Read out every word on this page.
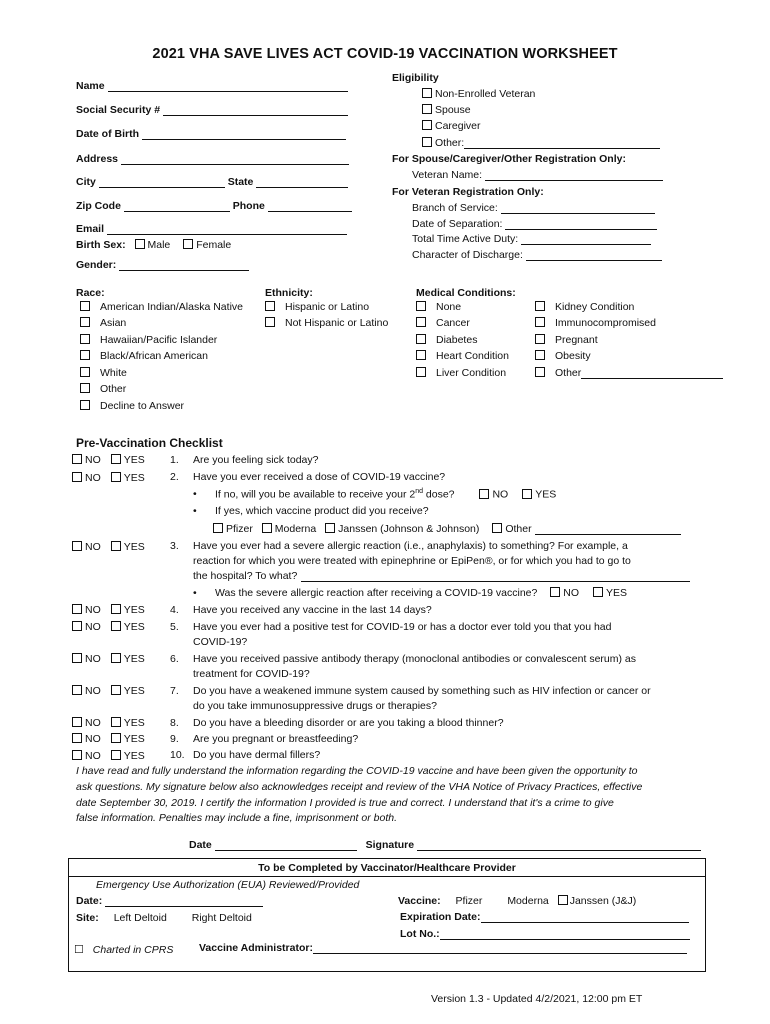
2021 VHA SAVE LIVES ACT COVID-19 VACCINATION WORKSHEET
Name
Social Security #
Date of Birth
Address
City	State
Zip Code	Phone
Email
Birth Sex: Male Female
Gender:
Eligibility
Non-Enrolled Veteran
Spouse
Caregiver
Other:
For Spouse/Caregiver/Other Registration Only:
Veteran Name:
For Veteran Registration Only:
Branch of Service:
Date of Separation:
Total Time Active Duty:
Character of Discharge:
Race:
American Indian/Alaska Native
Asian
Hawaiian/Pacific Islander
Black/African American
White
Other
Decline to Answer
Ethnicity:
Hispanic or Latino
Not Hispanic or Latino
Medical Conditions:
None
Cancer
Diabetes
Heart Condition
Liver Condition
Kidney Condition
Immunocompromised
Pregnant
Obesity
Other
Pre-Vaccination Checklist
NO YES 1. Are you feeling sick today?
NO YES 2. Have you ever received a dose of COVID-19 vaccine?
• If no, will you be available to receive your 2nd dose?	NO	YES
• If yes, which vaccine product did you receive?
Pfizer Moderna Janssen (Johnson & Johnson) Other
NO YES 3. Have you ever had a severe allergic reaction (i.e., anaphylaxis) to something? For example, a
reaction for which you were treated with epinephrine or EpiPen®, or for which you had to go to
the hospital? To what?
• Was the severe allergic reaction after receiving a COVID-19 vaccine? NO	YES
NO YES 4. Have you received any vaccine in the last 14 days?
NO YES 5. Have you ever had a positive test for COVID-19 or has a doctor ever told you that you had
COVID-19?
NO YES 6. Have you received passive antibody therapy (monoclonal antibodies or convalescent serum) as
treatment for COVID-19?
NO YES 7. Do you have a weakened immune system caused by something such as HIV infection or cancer or
do you take immunosuppressive drugs or therapies?
NO YES 8. Do you have a bleeding disorder or are you taking a blood thinner?
NO YES 9. Are you pregnant or breastfeeding?
NO YES 10. Do you have dermal fillers?
I have read and fully understand the information regarding the COVID-19 vaccine and have been given the opportunity to
ask questions. My signature below also acknowledges receipt and review of the VHA Notice of Privacy Practices, effective
date September 30, 2019. I certify the information I provided is true and correct. I understand that it's a crime to give
false information. Penalties may include a fine, imprisonment or both.
Date	Signature
To be Completed by Vaccinator/Healthcare Provider
Emergency Use Authorization (EUA) Reviewed/Provided
Date:
Site: Left Deltoid Right Deltoid
☐ Charted in CPRS
Vaccine: Pfizer Moderna Janssen (J&J)
Expiration Date:
Lot No.:
Vaccine Administrator:
Version 1.3 - Updated 4/2/2021, 12:00 pm ET
